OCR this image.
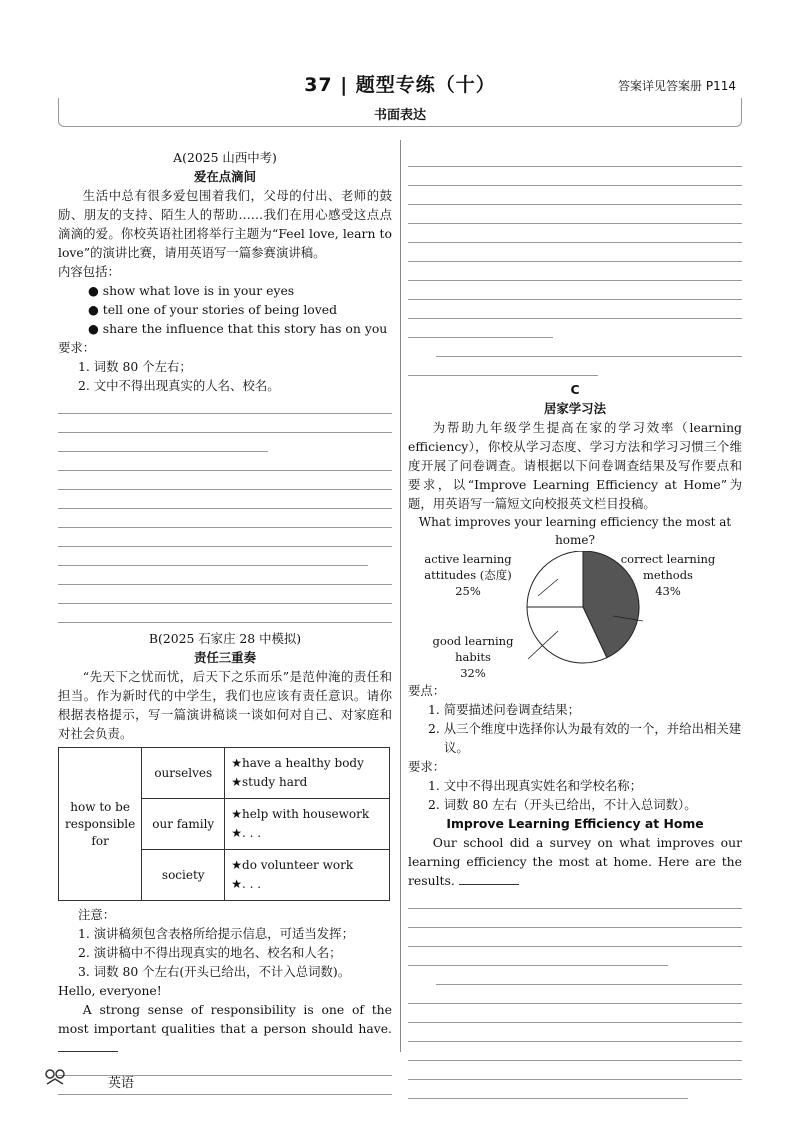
37 | 题型专练（十）	答案详见答案册 P114
书面表达
A(2025 山西中考)
爱在点滴间
生活中总有很多爱包围着我们，父母的付出、老师的鼓励、朋友的支持、陌生人的帮助……我们在用心感受这点点滴滴的爱。你校英语社团将举行主题为“Feel love, learn to love”的演讲比赛，请用英语写一篇参赛演讲稿。
内容包括：
● show what love is in your eyes
● tell one of your stories of being loved
● share the influence that this story has on you
要求：
1. 词数 80 个左右；
2. 文中不得出现真实的人名、校名。
B(2025 石家庄 28 中模拟)
责任三重奏
“先天下之忧而忧，后天下之乐而乐”是范仲淹的责任和担当。作为新时代的中学生，我们也应该有责任意识。请你根据表格提示，写一篇演讲稿谈一谈如何对自己、对家庭和对社会负责。
how to be responsible for	ourselves	★have a healthy body
★study hard

	our family	★help with housework
★. . .

	society	★do volunteer work
★. . .
注意：
1. 演讲稿须包含表格所给提示信息，可适当发挥；
2. 演讲稿中不得出现真实的地名、校名和人名；
3. 词数 80 个左右(开头已给出，不计入总词数)。
Hello, everyone!
A strong sense of responsibility is one of the most important qualities that a person should have.
C
居家学习法
为帮助九年级学生提高在家的学习效率（learning efficiency），你校从学习态度、学习方法和学习习惯三个维度开展了问卷调查。请根据以下问卷调查结果及写作要点和要求，以“Improve Learning Efficiency at Home”为题，用英语写一篇短文向校报英文栏目投稿。
What improves your learning efficiency the most at home?
correct learning methods
43%
active learning attitudes (态度)
25%
good learning habits
32%
要点：
1. 简要描述问卷调查结果；
2. 从三个维度中选择你认为最有效的一个，并给出相关建议。
要求：
1. 文中不得出现真实姓名和学校名称；
2. 词数 80 左右（开头已给出，不计入总词数）。
Improve Learning Efficiency at Home
Our school did a survey on what improves our learning efficiency the most at home. Here are the results.
英语
